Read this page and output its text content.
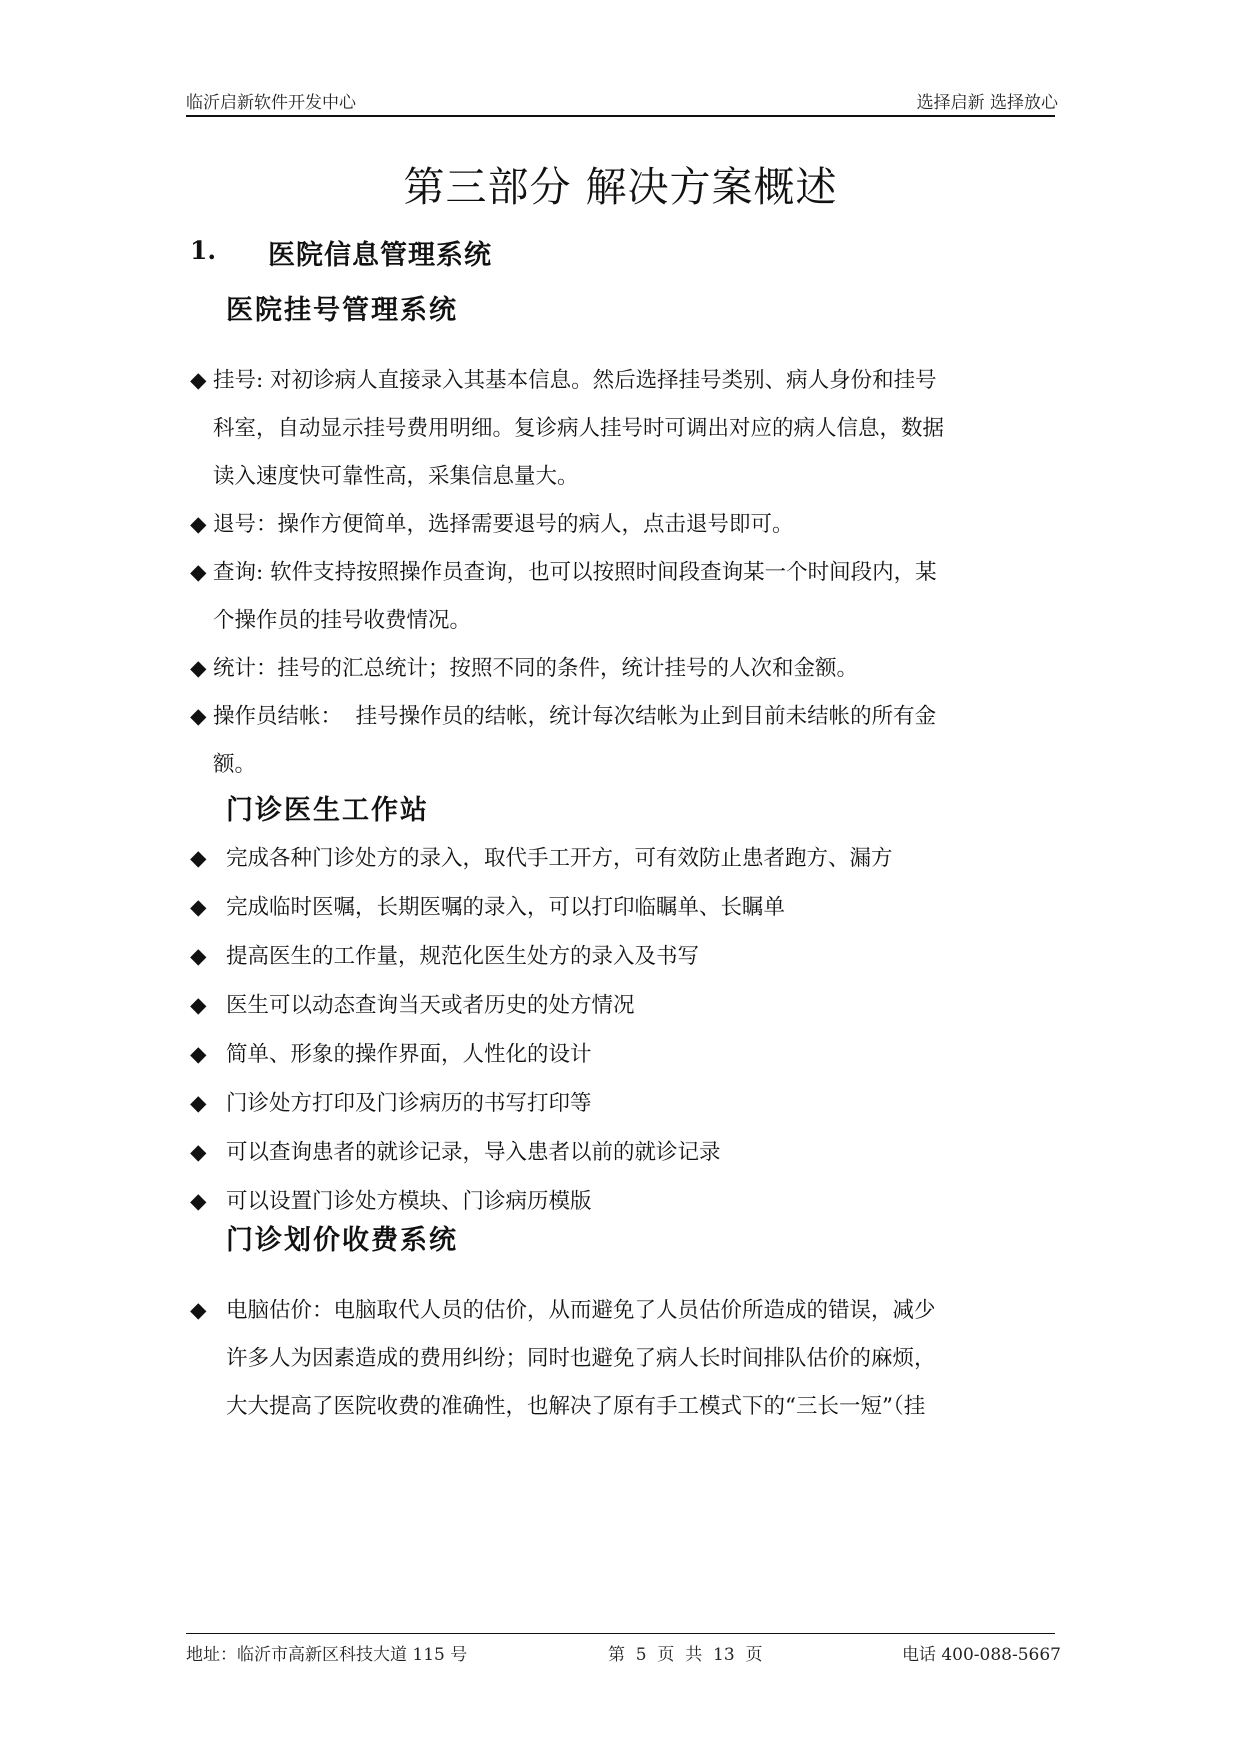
临沂启新软件开发中心	选择启新 选择放心
第三部分 解决方案概述
1. 医院信息管理系统
医院挂号管理系统
◆ 挂号: 对初诊病人直接录入其基本信息。然后选择挂号类别、病人身份和挂号
科室，自动显示挂号费用明细。复诊病人挂号时可调出对应的病人信息，数据
读入速度快可靠性高，采集信息量大。
◆ 退号：操作方便简单，选择需要退号的病人，点击退号即可。
◆ 查询: 软件支持按照操作员查询，也可以按照时间段查询某一个时间段内，某
个操作员的挂号收费情况。
◆ 统计：挂号的汇总统计；按照不同的条件，统计挂号的人次和金额。
◆ 操作员结帐：  挂号操作员的结帐，统计每次结帐为止到目前未结帐的所有金
额。
门诊医生工作站
◆ 完成各种门诊处方的录入，取代手工开方，可有效防止患者跑方、漏方
◆ 完成临时医嘱，长期医嘱的录入，可以打印临瞩单、长瞩单
◆ 提高医生的工作量，规范化医生处方的录入及书写
◆ 医生可以动态查询当天或者历史的处方情况
◆ 简单、形象的操作界面，人性化的设计
◆ 门诊处方打印及门诊病历的书写打印等
◆ 可以查询患者的就诊记录，导入患者以前的就诊记录
◆ 可以设置门诊处方模块、门诊病历模版
门诊划价收费系统
◆ 电脑估价：电脑取代人员的估价，从而避免了人员估价所造成的错误，减少
许多人为因素造成的费用纠纷；同时也避免了病人长时间排队估价的麻烦，
大大提高了医院收费的准确性，也解决了原有手工模式下的“三长一短”（挂
地址：临沂市高新区科技大道 115 号	第  5  页  共  13  页	电话 400-088-5667
